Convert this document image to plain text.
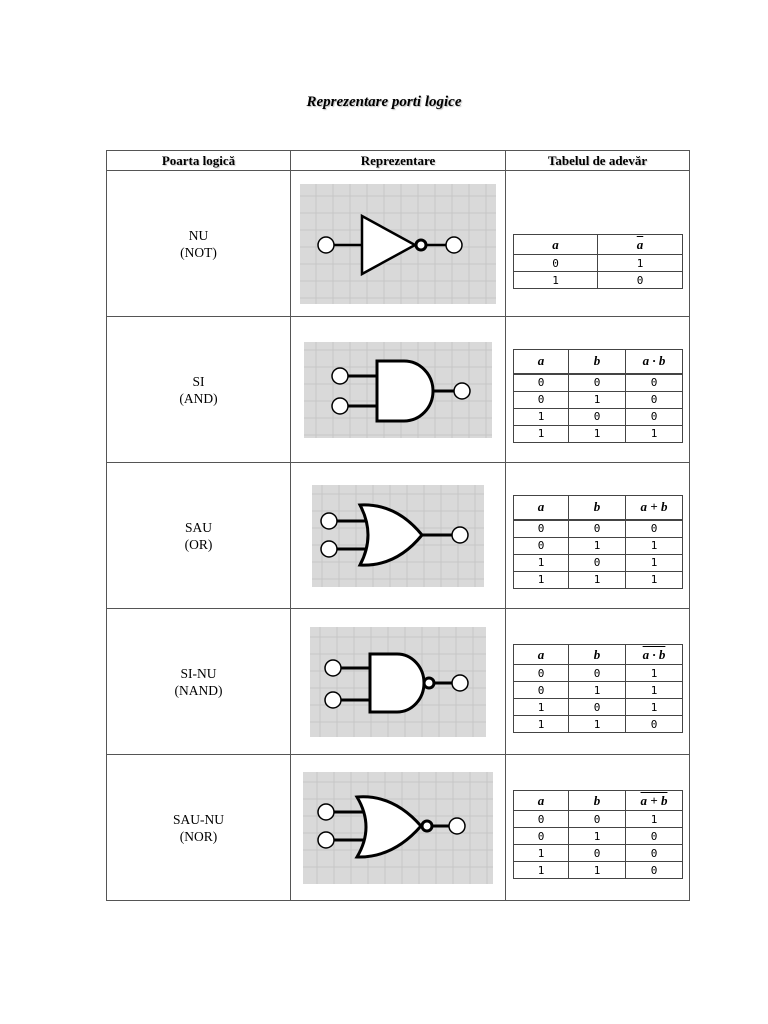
Reprezentare porti logice
Poarta logică	Reprezentare	Tabelul de adevăr

NU
(NOT)

a	$\overline{a}$
0	1
1	0

SI
(AND)

a	b	a · b
0	0	0
0	1	0
1	0	0
1	1	1

SAU
(OR)

a	b	a + b
0	0	0
0	1	1
1	0	1
1	1	1

SI-NU
(NAND)

a	b	a · b
0	0	1
0	1	1
1	0	1
1	1	0

SAU-NU
(NOR)

a	b	a + b
0	0	1
0	1	0
1	0	0
1	1	0
